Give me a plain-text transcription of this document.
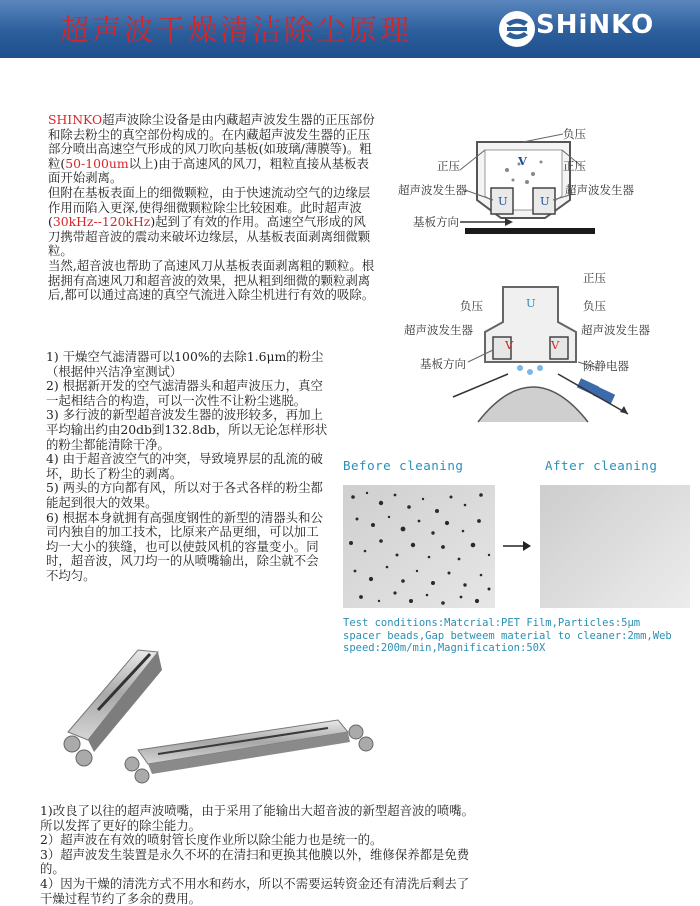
超声波干燥清洁除尘原理	SHiNKO

SHINKO超声波除尘设备是由内藏超声波发生器的正压部份和除去粉尘的真空部份构成的。在内藏超声波发生器的正压部分喷出高速空气形成的风刀吹向基板(如玻璃/薄膜等)。粗粒(50-100um以上)由于高速风的风刀，粗粒直接从基板表面开始剥离。

但附在基板表面上的细微颗粒，由于快速流动空气的边缘层作用而陷入更深,使得细微颗粒除尘比较困难。此时超声波(30kHz--120kHz)起到了有效的作用。高速空气形成的风刀携带超音波的震动来破坏边缘层，从基板表面剥离细微颗粒。

当然,超音波也帮助了高速风刀从基板表面剥离粗的颗粒。根据拥有高速风刀和超音波的效果，把从粗到细微的颗粒剥离后,都可以通过高速的真空气流进入除尘机进行有效的吸除。

1) 干燥空气滤清器可以100%的去除1.6μm的粉尘（根据仲兴洁净室测试）

2) 根据新开发的空气滤清器头和超声波压力，真空一起相结合的构造，可以一次性不让粉尘逃脱。

3) 多行波的新型超音波发生器的波形较多，再加上平均输出约由20db到132.8db，所以无论怎样形状的粉尘都能清除干净。

4) 由于超音波空气的冲突，导致境界层的乱流的破坏，助长了粉尘的剥离。

5) 两头的方向都有风，所以对于各式各样的粉尘都能起到很大的效果。

6) 根据本身就拥有高强度钢性的新型的清器头和公司内独自的加工技术，比原来产品更细，可以加工均一大小的狭缝，也可以使鼓风机的容量变小。同时，超音波，风刀均一的从喷嘴输出，除尘就不会不均匀。

负压
正压	正压
超声波发生器	超声波发生器
基板方向
V
U	U
正压
负压	负压
超声波发生器	超声波发生器
基板方向	除静电器
U
V	V
Before cleaning	After cleaning
Test conditions:Matcrial:PET Film,Particles:5μm spacer beads,Gap betweem material to cleaner:2mm,Web speed:200m/min,Magnification:50X

1)改良了以往的超声波喷嘴，由于采用了能输出大超音波的新型超音波的喷嘴。所以发挥了更好的除尘能力。

2）超声波在有效的喷射管长度作业所以除尘能力也是统一的。

3）超声波发生装置是永久不坏的在清扫和更换其他膜以外，维修保养都是免费的。

4）因为干燥的清洗方式不用水和药水，所以不需要运转资金还有清洗后剩去了干燥过程节约了多余的费用。
